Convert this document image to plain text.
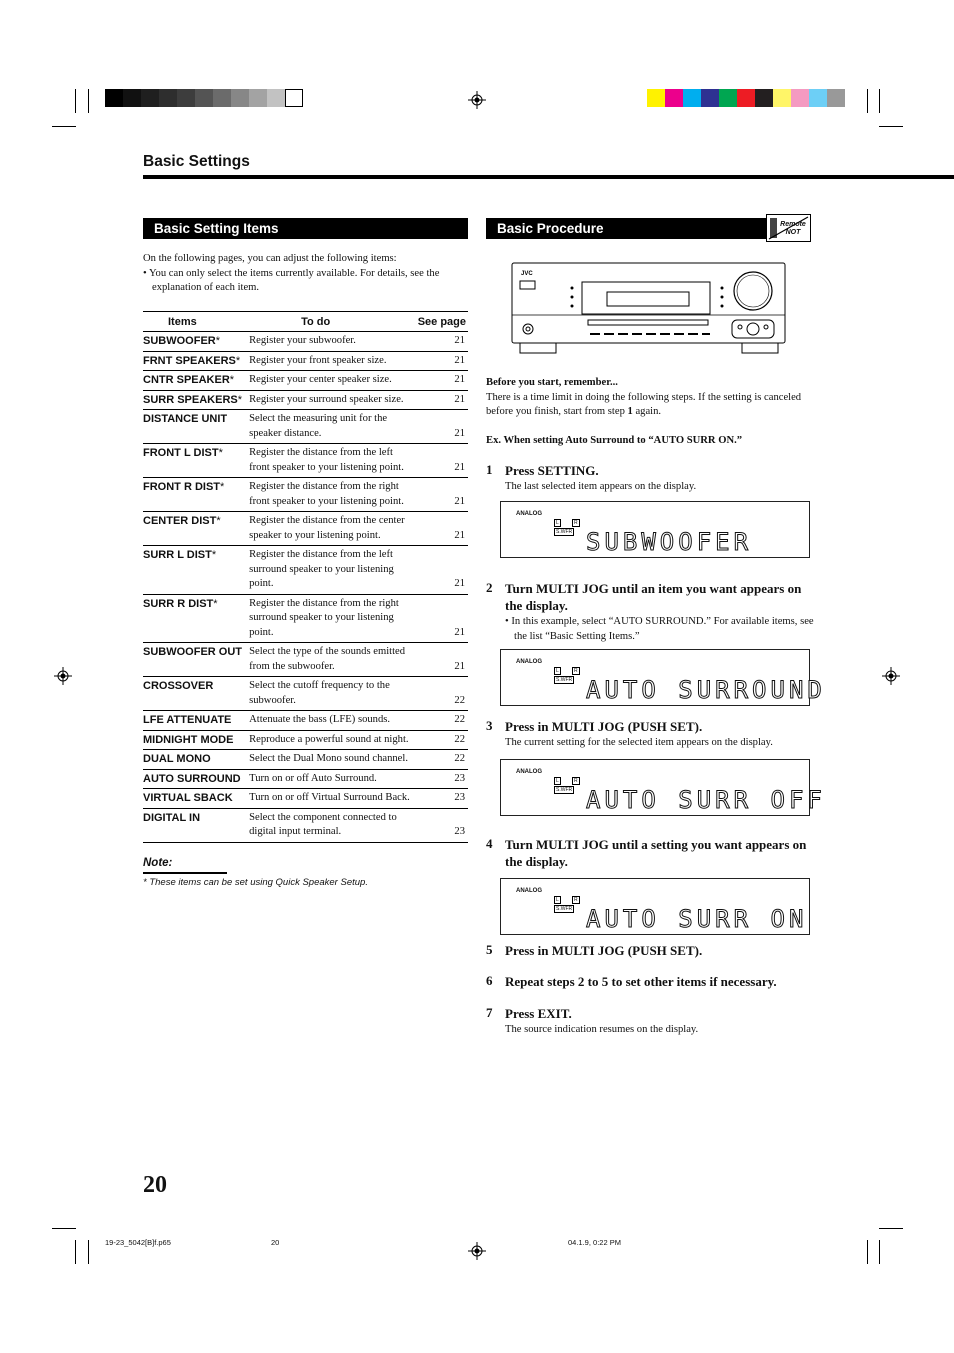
Basic Settings
Basic Setting Items

On the following pages, you can adjust the following items:

• You can only select the items currently available. For details, see the explanation of each item.

Items	To do	See page
SUBWOOFER*	Register your subwoofer.	21
FRNT SPEAKERS*	Register your front speaker size.	21
CNTR SPEAKER*	Register your center speaker size.	21
SURR SPEAKERS*	Register your surround speaker size.	21
DISTANCE UNIT	Select the measuring unit for the speaker distance.	21
FRONT L DIST*	Register the distance from the left front speaker to your listening point.	21
FRONT R DIST*	Register the distance from the right front speaker to your listening point.	21
CENTER DIST*	Register the distance from the center speaker to your listening point.	21
SURR L DIST*	Register the distance from the left surround speaker to your listening point.	21
SURR R DIST*	Register the distance from the right surround speaker to your listening point.	21
SUBWOOFER OUT	Select the type of the sounds emitted from the subwoofer.	21
CROSSOVER	Select the cutoff frequency to the subwoofer.	22
LFE ATTENUATE	Attenuate the bass (LFE) sounds.	22
MIDNIGHT MODE	Reproduce a powerful sound at night.	22
DUAL MONO	Select the Dual Mono sound channel.	22
AUTO SURROUND	Turn on or off Auto Surround.	23
VIRTUAL SBACK	Turn on or off Virtual Surround Back.	23
DIGITAL IN	Select the component connected to digital input terminal.	23
Note:
* These items can be set using Quick Speaker Setup.
Basic Procedure	Remote NOT
JVC
Before you start, remember...
There is a time limit in doing the following steps. If the setting is canceled before you finish, start from step 1 again.
Ex. When setting Auto Surround to “AUTO SURR ON.”
1 Press SETTING.
The last selected item appears on the display.
ANALOG
L	R
S.WFR SUBWOOFER
2 Turn MULTI JOG until an item you want appears on the display.
• In this example, select “AUTO SURROUND.” For available items, see the list “Basic Setting Items.”
ANALOG
L	R
S.WFR AUTO SURROUND
3 Press in MULTI JOG (PUSH SET).
The current setting for the selected item appears on the display.
ANALOG
L	R
S.WFR AUTO SURR OFF
4 Turn MULTI JOG until a setting you want appears on the display.
ANALOG
L	R
S.WFR AUTO SURR ON
5 Press in MULTI JOG (PUSH SET).
6 Repeat steps 2 to 5 to set other items if necessary.
7 Press EXIT.
The source indication resumes on the display.
20
19-23_5042[B]f.p65	20	04.1.9, 0:22 PM
